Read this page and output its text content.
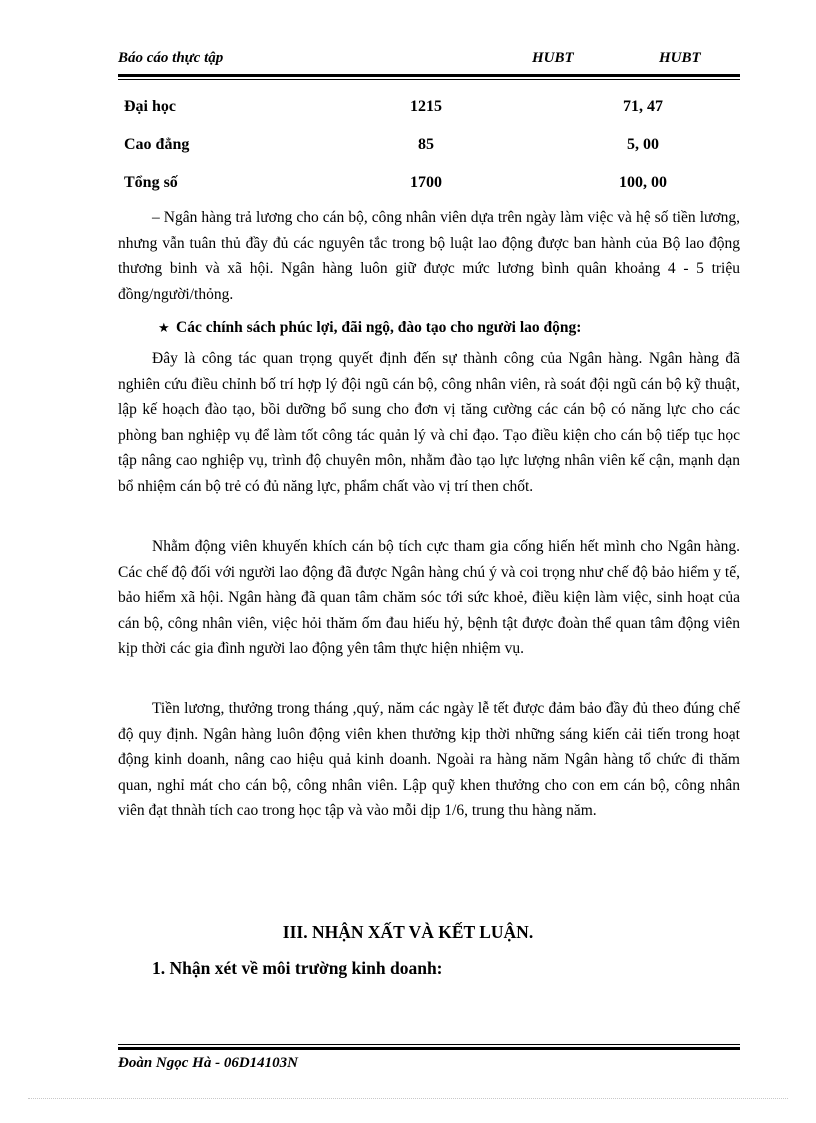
Báo cáo thực tập	HUBT	HUBT
Đại học	1215	71, 47
Cao đẳng	85	5, 00
Tổng số	1700	100, 00

– Ngân hàng trả lương cho cán bộ, công nhân viên dựa trên ngày làm việc và hệ số tiền lương, nhưng vẫn tuân thủ đầy đủ các nguyên tắc trong bộ luật lao động được ban hành của Bộ lao động thương binh và xã hội. Ngân hàng luôn giữ được mức lương bình quân khoảng 4 - 5 triệu đồng/người/thỏng.

★ Các chính sách phúc lợi, đãi ngộ, đào tạo cho người lao động:

Đây là công tác quan trọng quyết định đến sự thành công của Ngân hàng. Ngân hàng đã nghiên cứu điều chỉnh bố trí hợp lý đội ngũ cán bộ, công nhân viên, rà soát đội ngũ cán bộ kỹ thuật, lập kế hoạch đào tạo, bồi dưỡng bổ sung cho đơn vị tăng cường các cán bộ có năng lực cho các phòng ban nghiệp vụ để làm tốt công tác quản lý và chỉ đạo. Tạo điều kiện cho cán bộ tiếp tục học tập nâng cao nghiệp vụ, trình độ chuyên môn, nhằm đào tạo lực lượng nhân viên kế cận, mạnh dạn bổ nhiệm cán bộ trẻ có đủ năng lực, phẩm chất vào vị trí then chốt.

Nhằm động viên khuyến khích cán bộ tích cực tham gia cống hiến hết mình cho Ngân hàng. Các chế độ đối với người lao động đã được Ngân hàng chú ý và coi trọng như chế độ bảo hiểm y tế, bảo hiểm xã hội. Ngân hàng đã quan tâm chăm sóc tới sức khoẻ, điều kiện làm việc, sinh hoạt của cán bộ, công nhân viên, việc hỏi thăm ốm đau hiếu hỷ, bệnh tật được đoàn thể quan tâm động viên kịp thời các gia đình người lao động yên tâm thực hiện nhiệm vụ.

Tiền lương, thưởng trong tháng ,quý, năm các ngày lễ tết được đảm bảo đầy đủ theo đúng chế độ quy định. Ngân hàng luôn động viên khen thưởng kịp thời những sáng kiến cải tiến trong hoạt động kinh doanh, nâng cao hiệu quả kinh doanh. Ngoài ra hàng năm Ngân hàng tổ chức đi thăm quan, nghỉ mát cho cán bộ, công nhân viên. Lập quỹ khen thưởng cho con em cán bộ, công nhân viên đạt thnàh tích cao trong học tập và vào mỗi dịp 1/6, trung thu hàng năm.

III. NHẬN XẤT VÀ KẾT LUẬN.
1. Nhận xét về môi trường kinh doanh:
Đoàn Ngọc Hà - 06D14103N
